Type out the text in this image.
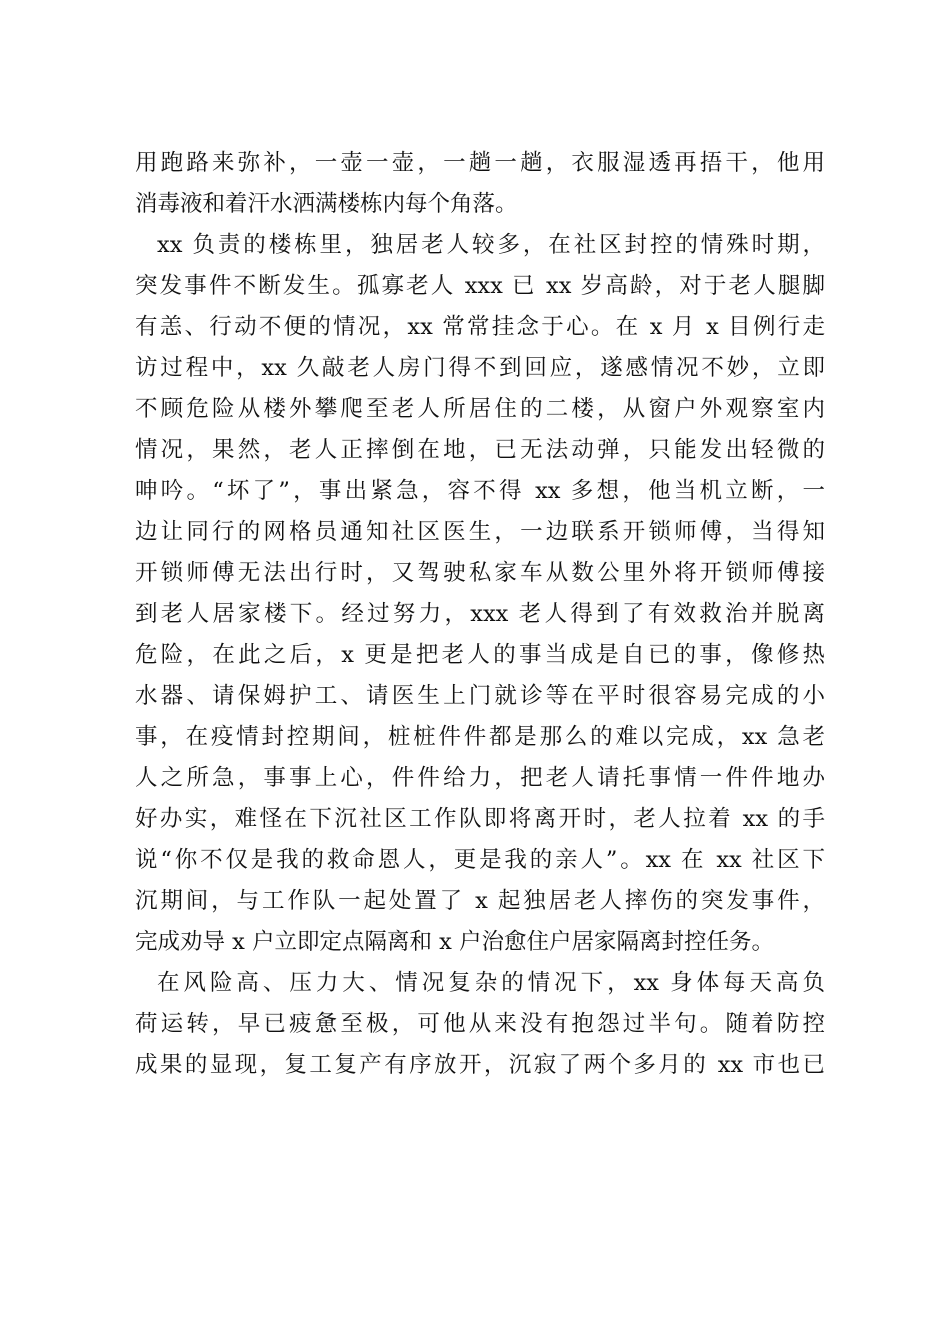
用跑路来弥补，一壶一壶，一趟一趟，衣服湿透再捂干，他用
消毒液和着汗水洒满楼栋内每个角落。
xx 负责的楼栋里，独居老人较多，在社区封控的情殊时期，
突发事件不断发生。孤寡老人 xxx 已 xx 岁高龄，对于老人腿脚
有恙、行动不便的情况，xx 常常挂念于心。在 x 月 x 目例行走
访过程中，xx 久敲老人房门得不到回应，遂感情况不妙，立即
不顾危险从楼外攀爬至老人所居住的二楼，从窗户外观察室内
情况，果然，老人正摔倒在地，已无法动弹，只能发出轻微的
呻吟。“坏了”，事出紧急，容不得 xx 多想，他当机立断，一
边让同行的网格员通知社区医生，一边联系开锁师傅，当得知
开锁师傅无法出行时，又驾驶私家车从数公里外将开锁师傅接
到老人居家楼下。经过努力，xxx 老人得到了有效救治并脱离
危险，在此之后，x 更是把老人的事当成是自已的事，像修热
水器、请保姆护工、请医生上门就诊等在平时很容易完成的小
事，在疫情封控期间，桩桩件件都是那么的难以完成，xx 急老
人之所急，事事上心，件件给力，把老人请托事情一件件地办
好办实，难怪在下沉社区工作队即将离开时，老人拉着 xx 的手
说“你不仅是我的救命恩人，更是我的亲人”。xx 在 xx 社区下
沉期间，与工作队一起处置了 x 起独居老人摔伤的突发事件，
完成劝导 x 户立即定点隔离和 x 户治愈住户居家隔离封控任务。
在风险高、压力大、情况复杂的情况下，xx 身体每天高负
荷运转，早已疲惫至极，可他从来没有抱怨过半句。随着防控
成果的显现，复工复产有序放开，沉寂了两个多月的 xx 市也已
